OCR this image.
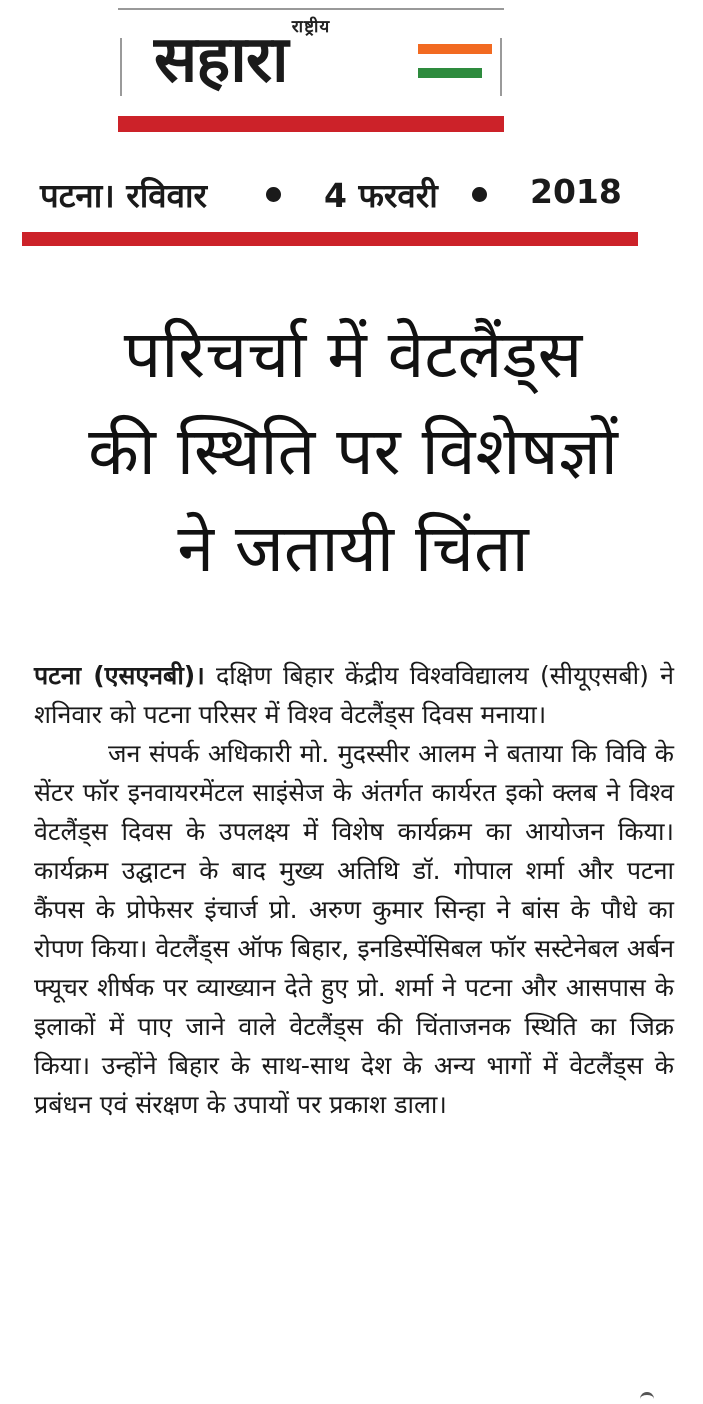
राष्ट्रीय
सहारा
पटना। रविवार	4 फरवरी	2018
परिचर्चा में वेटलैंड्स
की स्थिति पर विशेषज्ञों
ने जतायी चिंता

पटना (एसएनबी)। दक्षिण बिहार केंद्रीय विश्वविद्यालय (सीयूएसबी) ने शनिवार को पटना परिसर में विश्व वेटलैंड्स दिवस मनाया।

जन संपर्क अधिकारी मो. मुदस्सीर आलम ने बताया कि विवि के सेंटर फॉर इनवायरमेंटल साइंसेज के अंतर्गत कार्यरत इको क्लब ने विश्व वेटलैंड्स दिवस के उपलक्ष्य में विशेष कार्यक्रम का आयोजन किया। कार्यक्रम उद्घाटन के बाद मुख्य अतिथि डॉ. गोपाल शर्मा और पटना कैंपस के प्रोफेसर इंचार्ज प्रो. अरुण कुमार सिन्हा ने बांस के पौधे का रोपण किया। वेटलैंड्स ऑफ बिहार, इनडिस्पेंसिबल फॉर सस्टेनेबल अर्बन फ्यूचर शीर्षक पर व्याख्यान देते हुए प्रो. शर्मा ने पटना और आसपास के इलाकों में पाए जाने वाले वेटलैंड्स की चिंताजनक स्थिति का जिक्र किया। उन्होंने बिहार के साथ-साथ देश के अन्य भागों में वेटलैंड्स के प्रबंधन एवं संरक्षण के उपायों पर प्रकाश डाला।
